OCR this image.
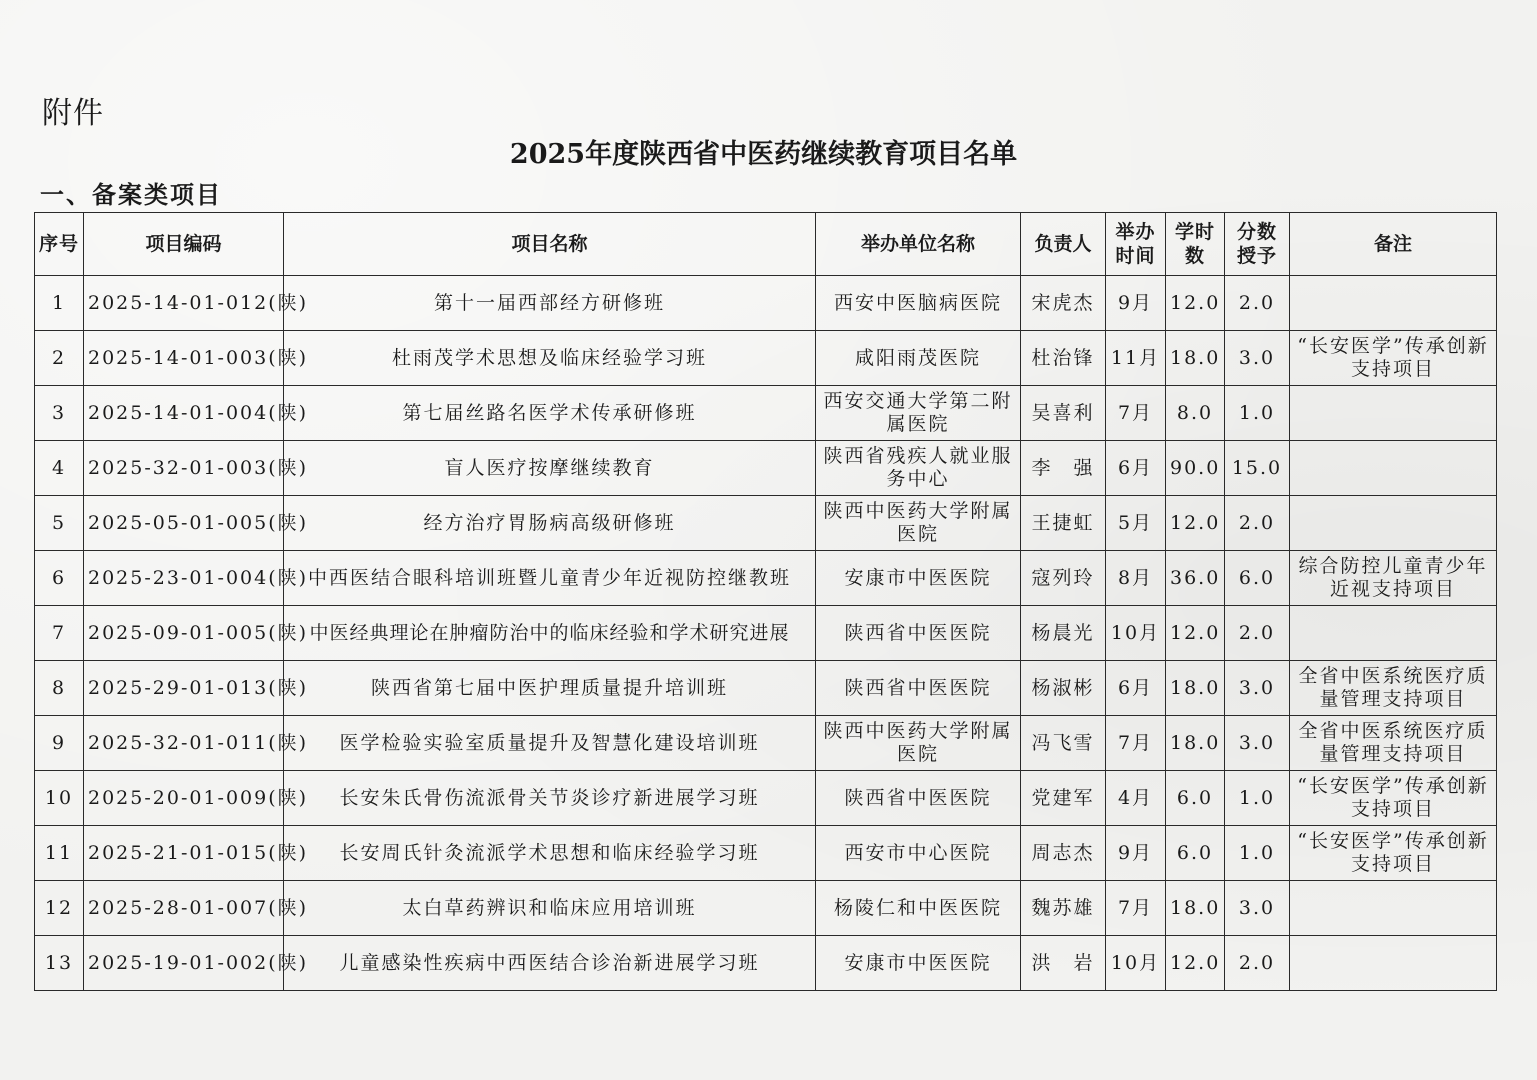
附件
2025年度陕西省中医药继续教育项目名单
一、备案类项目
序号	项目编码	项目名称	举办单位名称	负责人	举办时间	学时数	分数授予	备注
1	2025-14-01-012(陕)	第十一届西部经方研修班	西安中医脑病医院	宋虎杰	9月	12.0	2.0	
2	2025-14-01-003(陕)	杜雨茂学术思想及临床经验学习班	咸阳雨茂医院	杜治锋	11月	18.0	3.0	“长安医学”传承创新支持项目
3	2025-14-01-004(陕)	第七届丝路名医学术传承研修班	西安交通大学第二附属医院	吴喜利	7月	8.0	1.0	
4	2025-32-01-003(陕)	盲人医疗按摩继续教育	陕西省残疾人就业服务中心	李　强	6月	90.0	15.0	
5	2025-05-01-005(陕)	经方治疗胃肠病高级研修班	陕西中医药大学附属医院	王捷虹	5月	12.0	2.0	
6	2025-23-01-004(陕)	中西医结合眼科培训班暨儿童青少年近视防控继教班	安康市中医医院	寇列玲	8月	36.0	6.0	综合防控儿童青少年近视支持项目
7	2025-09-01-005(陕)	中医经典理论在肿瘤防治中的临床经验和学术研究进展	陕西省中医医院	杨晨光	10月	12.0	2.0	
8	2025-29-01-013(陕)	陕西省第七届中医护理质量提升培训班	陕西省中医医院	杨淑彬	6月	18.0	3.0	全省中医系统医疗质量管理支持项目
9	2025-32-01-011(陕)	医学检验实验室质量提升及智慧化建设培训班	陕西中医药大学附属医院	冯飞雪	7月	18.0	3.0	全省中医系统医疗质量管理支持项目
10	2025-20-01-009(陕)	长安朱氏骨伤流派骨关节炎诊疗新进展学习班	陕西省中医医院	党建军	4月	6.0	1.0	“长安医学”传承创新支持项目
11	2025-21-01-015(陕)	长安周氏针灸流派学术思想和临床经验学习班	西安市中心医院	周志杰	9月	6.0	1.0	“长安医学”传承创新支持项目
12	2025-28-01-007(陕)	太白草药辨识和临床应用培训班	杨陵仁和中医医院	魏苏雄	7月	18.0	3.0	
13	2025-19-01-002(陕)	儿童感染性疾病中西医结合诊治新进展学习班	安康市中医医院	洪　岩	10月	12.0	2.0	
